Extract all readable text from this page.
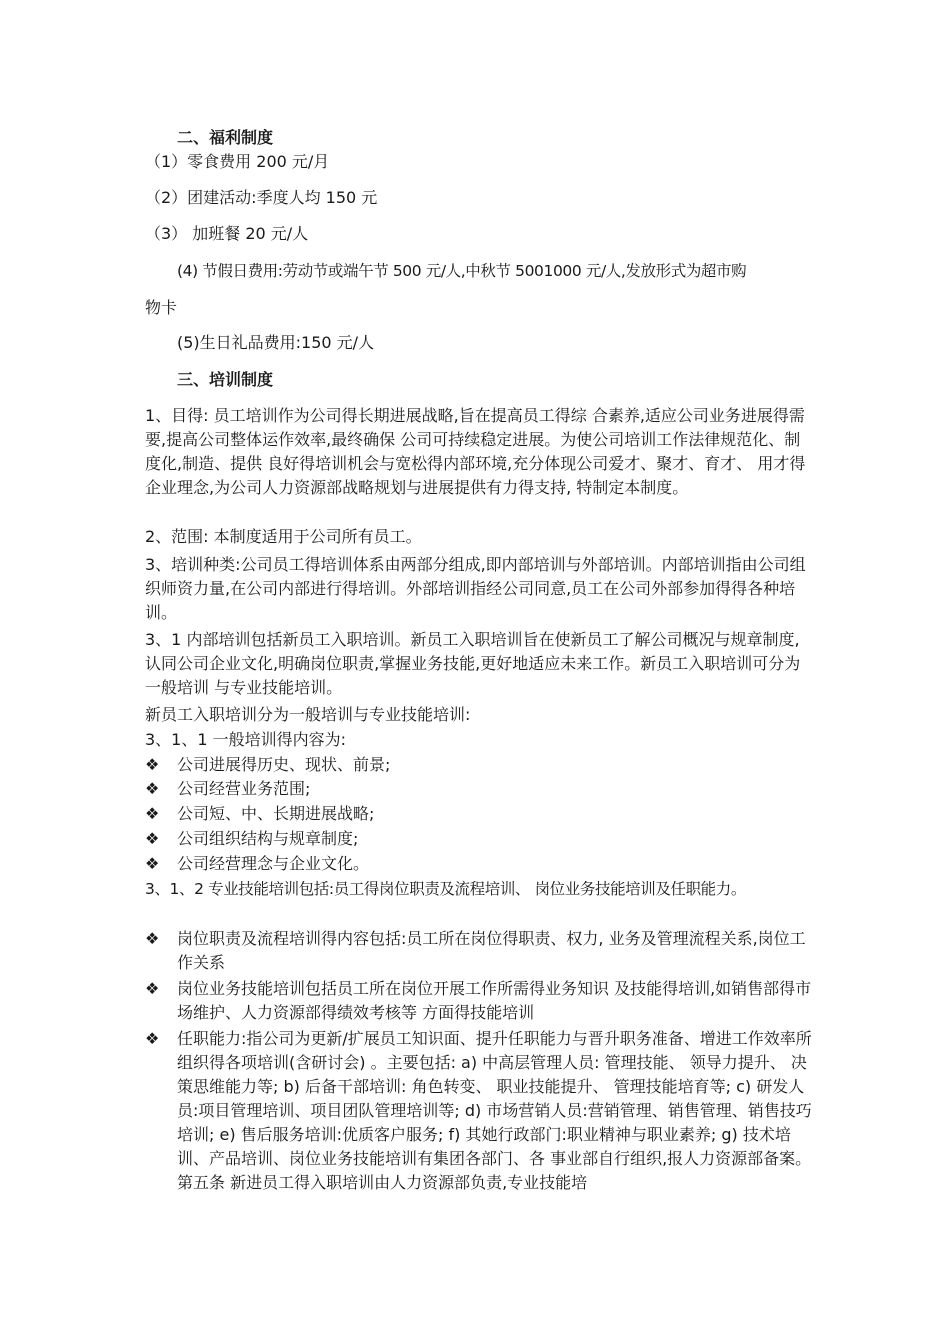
二、福利制度
（1）零食费用 200 元/月
（2）团建活动:季度人均 150 元
（3） 加班餐 20 元/人
(4) 节假日费用:劳动节或端午节 500 元/人,中秋节 5001000 元/人,发放形式为超市购
物卡
(5)生日礼品费用:150 元/人
三、培训制度
1、目得: 员工培训作为公司得长期进展战略,旨在提高员工得综 合素养,适应公司业务进展得需要,提高公司整体运作效率,最终确保 公司可持续稳定进展。为使公司培训工作法律规范化、制度化,制造、提供 良好得培训机会与宽松得内部环境,充分体现公司爱才、聚才、育才、 用才得企业理念,为公司人力资源部战略规划与进展提供有力得支持, 特制定本制度。
2、范围: 本制度适用于公司所有员工。
3、培训种类:公司员工得培训体系由两部分组成,即内部培训与外部培训。内部培训指由公司组织师资力量,在公司内部进行得培训。外部培训指经公司同意,员工在公司外部参加得得各种培训。
3、1 内部培训包括新员工入职培训。新员工入职培训旨在使新员工了解公司概况与规章制度,认同公司企业文化,明确岗位职责,掌握业务技能,更好地适应未来工作。新员工入职培训可分为一般培训 与专业技能培训。
新员工入职培训分为一般培训与专业技能培训:
3、1、1 一般培训得内容为:
❖	公司进展得历史、现状、前景;
❖	公司经营业务范围;
❖	公司短、中、长期进展战略;
❖	公司组织结构与规章制度;
❖	公司经营理念与企业文化。
3、1、2 专业技能培训包括:员工得岗位职责及流程培训、 岗位业务技能培训及任职能力。
❖	岗位职责及流程培训得内容包括:员工所在岗位得职责、权力, 业务及管理流程关系,岗位工作关系
❖	岗位业务技能培训包括员工所在岗位开展工作所需得业务知识 及技能得培训,如销售部得市场维护、人力资源部得绩效考核等 方面得技能培训
❖	任职能力:指公司为更新/扩展员工知识面、提升任职能力与晋升职务准备、增进工作效率所组织得各项培训(含研讨会) 。主要包括: a) 中高层管理人员: 管理技能、 领导力提升、 决策思维能力等; b) 后备干部培训: 角色转变、 职业技能提升、 管理技能培育等; c) 研发人员:项目管理培训、项目团队管理培训等; d) 市场营销人员:营销管理、销售管理、销售技巧培训; e) 售后服务培训:优质客户服务; f) 其她行政部门:职业精神与职业素养; g) 技术培训、产品培训、岗位业务技能培训有集团各部门、各 事业部自行组织,报人力资源部备案。 第五条 新进员工得入职培训由人力资源部负责,专业技能培
